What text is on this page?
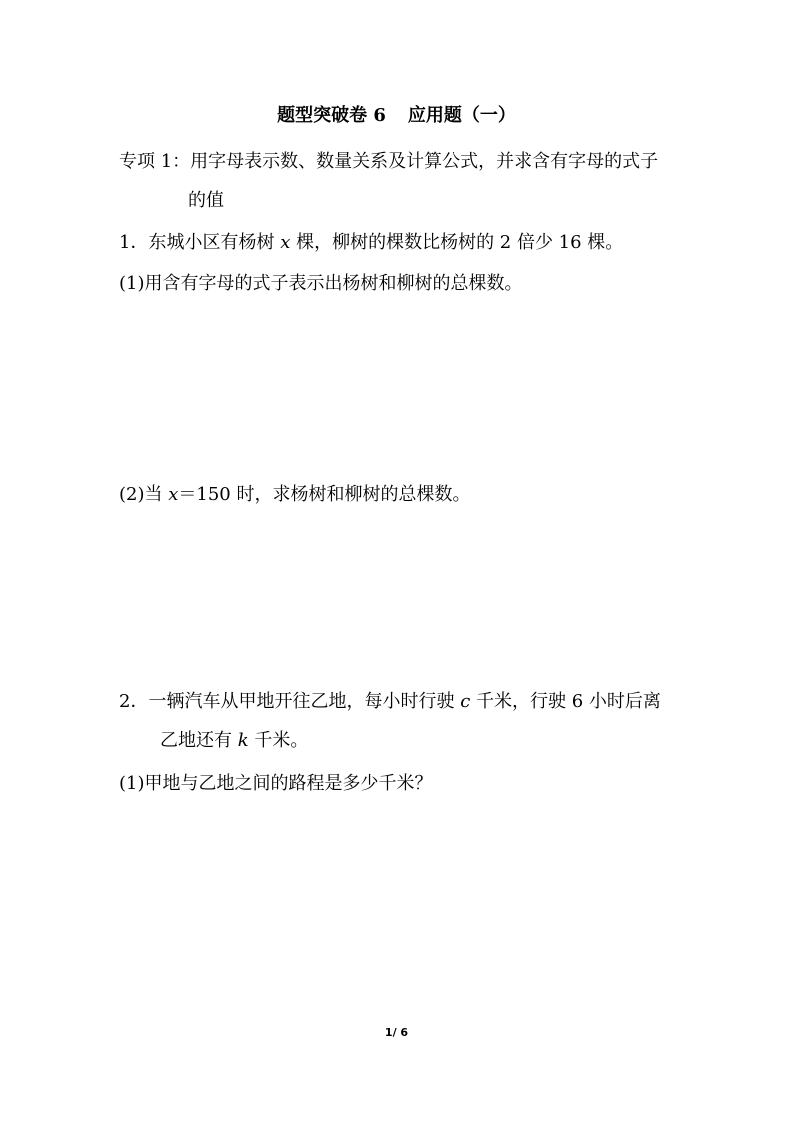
题型突破卷 6 应用题（一）
专项 1：用字母表示数、数量关系及计算公式，并求含有字母的式子
的值
1．东城小区有杨树 x 棵，柳树的棵数比杨树的 2 倍少 16 棵。
(1)用含有字母的式子表示出杨树和柳树的总棵数。
(2)当 x＝150 时，求杨树和柳树的总棵数。
2．一辆汽车从甲地开往乙地，每小时行驶 c 千米，行驶 6 小时后离
乙地还有 k 千米。
(1)甲地与乙地之间的路程是多少千米？
1/ 6
